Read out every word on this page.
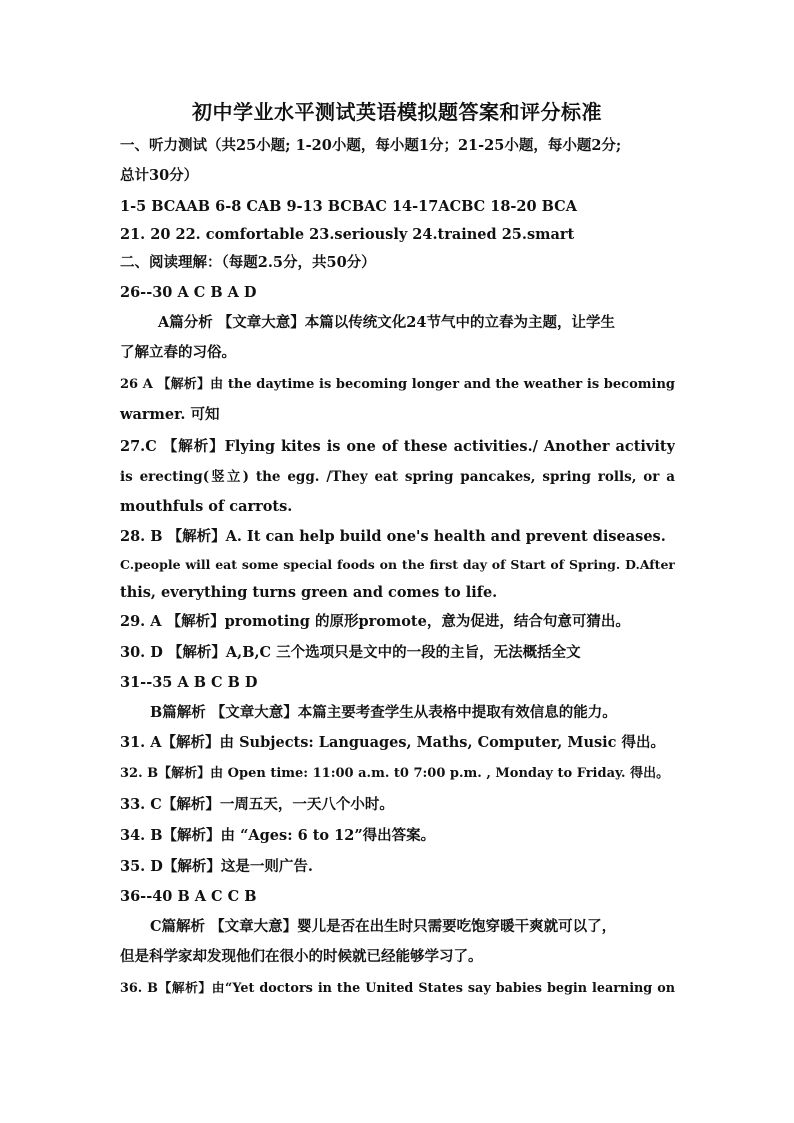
初中学业水平测试英语模拟题答案和评分标准
一、听力测试（共25小题; 1-20小题，每小题1分；21-25小题，每小题2分;
总计30分）
1-5 BCAAB 6-8 CAB 9-13 BCBAC 14-17ACBC 18-20 BCA
21. 20 22. comfortable 23.seriously 24.trained 25.smart
二、阅读理解：（每题2.5分，共50分）
26--30 A C B A D
A篇分析 【文章大意】本篇以传统文化24节气中的立春为主题，让学生
了解立春的习俗。
26 A 【解析】由 the daytime is becoming longer and the weather is becoming
warmer. 可知
27.C 【解析】Flying kites is one of these activities./ Another activity
is erecting(竖立) the egg. /They eat spring pancakes, spring rolls, or a
mouthfuls of carrots.
28. B 【解析】A. It can help build one's health and prevent diseases.
C.people will eat some special foods on the first day of Start of Spring. D.After
this, everything turns green and comes to life.
29. A 【解析】promoting 的原形promote，意为促进，结合句意可猜出。
30. D 【解析】A,B,C 三个选项只是文中的一段的主旨，无法概括全文
31--35 A B C B D
B篇解析 【文章大意】本篇主要考查学生从表格中提取有效信息的能力。
31. A【解析】由 Subjects: Languages, Maths, Computer, Music 得出。
32. B【解析】由 Open time: 11:00 a.m. t0 7:00 p.m. , Monday to Friday. 得出。
33. C【解析】一周五天，一天八个小时。
34. B【解析】由 “Ages: 6 to 12”得出答案。
35. D【解析】这是一则广告.
36--40 B A C C B
C篇解析 【文章大意】婴儿是否在出生时只需要吃饱穿暖干爽就可以了，
但是科学家却发现他们在很小的时候就已经能够学习了。
36. B【解析】由“Yet doctors in the United States say babies begin learning on
